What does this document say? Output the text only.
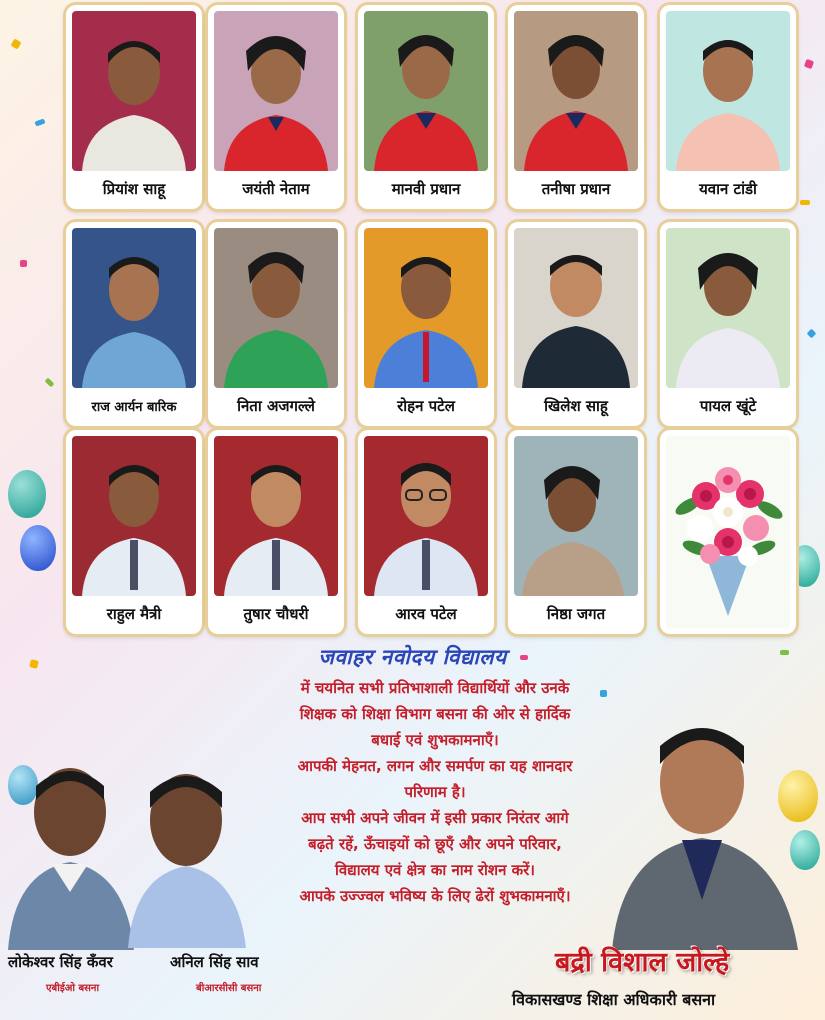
प्रियांश साहू	जयंती नेताम	मानवी प्रधान	तनीषा प्रधान	यवान टांडी
राज आर्यन बारिक	निता अजगल्ले	रोहन पटेल	खिलेश साहू	पायल खूंटे
राहुल मैत्री	तुषार चौधरी	आरव पटेल	निष्ठा जगत
जवाहर नवोदय विद्यालय

में चयनित सभी प्रतिभाशाली विद्यार्थियों और उनके

शिक्षक को शिक्षा विभाग बसना की ओर से हार्दिक

बधाई एवं शुभकामनाएँ।

आपकी मेहनत, लगन और समर्पण का यह शानदार

परिणाम है।

आप सभी अपने जीवन में इसी प्रकार निरंतर आगे

बढ़ते रहें, ऊँचाइयों को छूएँ और अपने परिवार,

विद्यालय एवं क्षेत्र का नाम रोशन करें।

आपके उज्ज्वल भविष्य के लिए ढेरों शुभकामनाएँ।

लोकेश्वर सिंह कँवर
एबीईओ बसना
अनिल सिंह साव
बीआरसीसी बसना
बद्री विशाल जोल्हे
विकासखण्ड शिक्षा अधिकारी बसना
